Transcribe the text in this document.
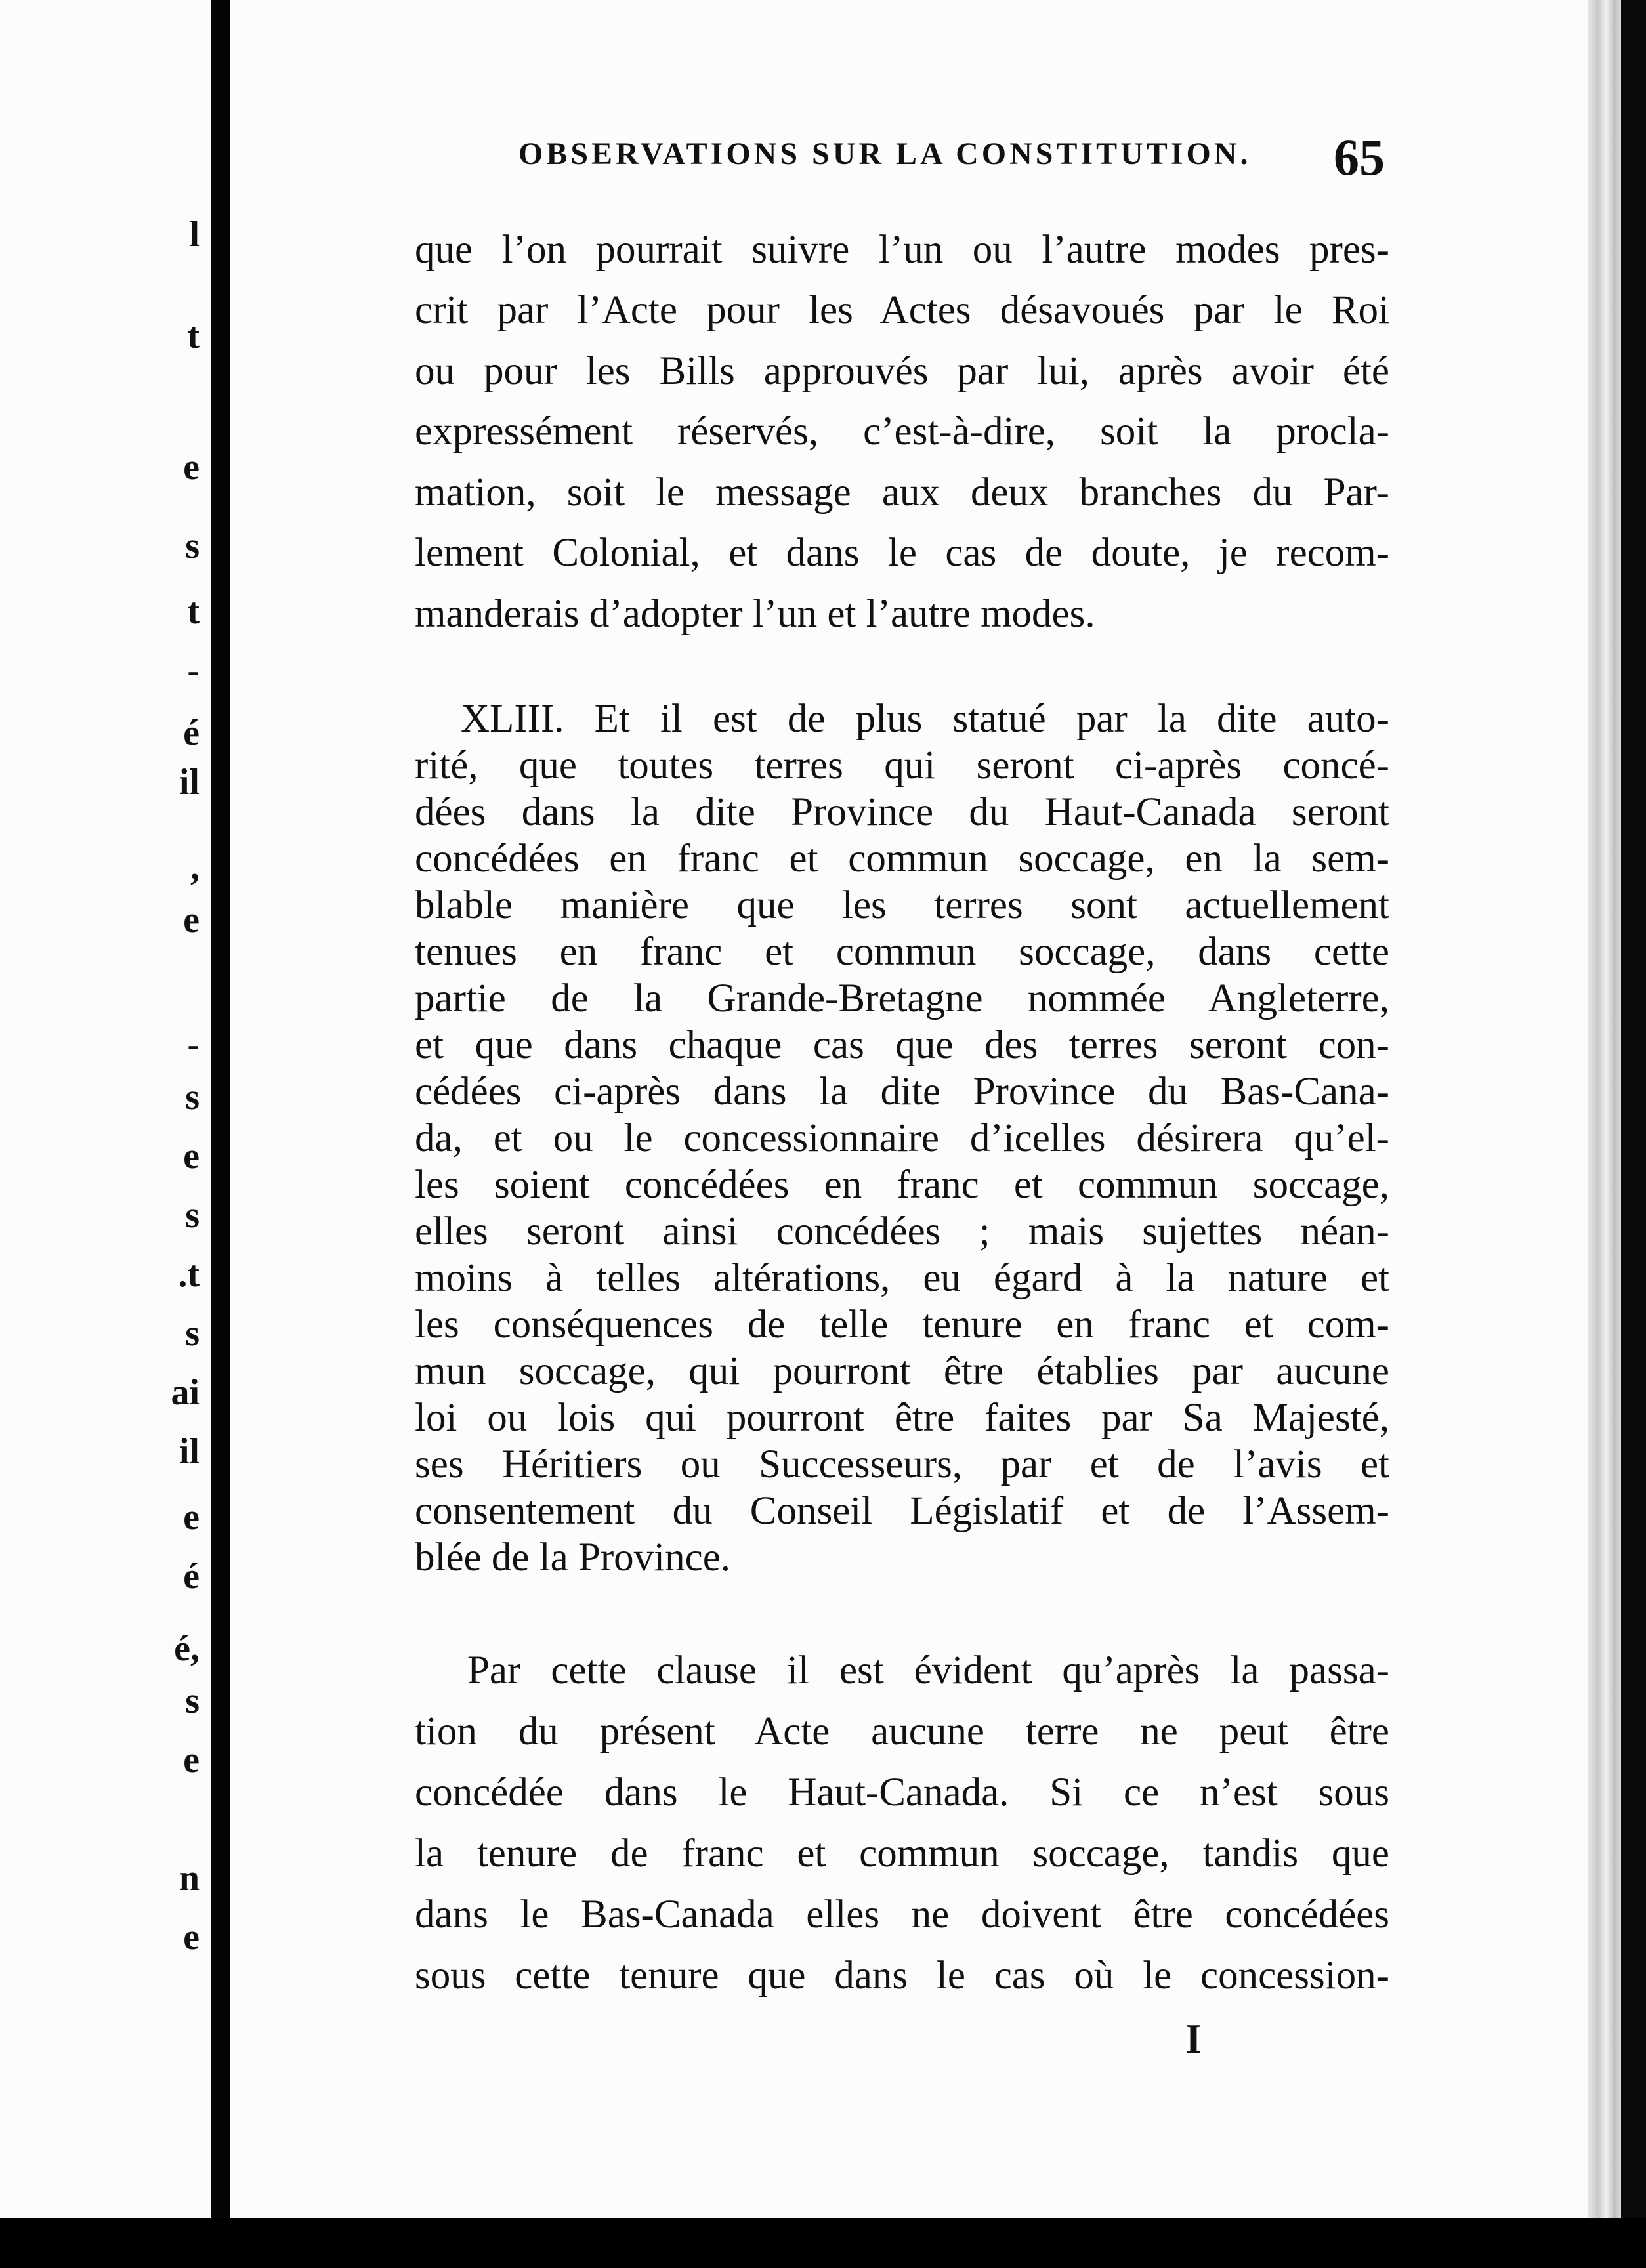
l
t
e
s
t
-
é
il
,
e
-
s
e
s
.t
s
ai
il
e
é
é,
s
e
n
e
OBSERVATIONS SUR LA CONSTITUTION. 65
que l’on pourrait suivre l’un ou l’autre modes pres-
crit par l’Acte pour les Actes désavoués par le Roi
ou pour les Bills approuvés par lui, après avoir été
expressément réservés, c’est-à-dire, soit la procla-
mation, soit le message aux deux branches du Par-
lement Colonial, et dans le cas de doute, je recom-
manderais d’adopter l’un et l’autre modes.
XLIII. Et il est de plus statué par la dite auto-
rité, que toutes terres qui seront ci-après concé-
dées dans la dite Province du Haut-Canada seront
concédées en franc et commun soccage, en la sem-
blable manière que les terres sont actuellement
tenues en franc et commun soccage, dans cette
partie de la Grande-Bretagne nommée Angleterre,
et que dans chaque cas que des terres seront con-
cédées ci-après dans la dite Province du Bas-Cana-
da, et ou le concessionnaire d’icelles désirera qu’el-
les soient concédées en franc et commun soccage,
elles seront ainsi concédées ; mais sujettes néan-
moins à telles altérations, eu égard à la nature et
les conséquences de telle tenure en franc et com-
mun soccage, qui pourront être établies par aucune
loi ou lois qui pourront être faites par Sa Majesté,
ses Héritiers ou Successeurs, par et de l’avis et
consentement du Conseil Législatif et de l’Assem-
blée de la Province.
Par cette clause il est évident qu’après la passa-
tion du présent Acte aucune terre ne peut être
concédée dans le Haut-Canada. Si ce n’est sous
la tenure de franc et commun soccage, tandis que
dans le Bas-Canada elles ne doivent être concédées
sous cette tenure que dans le cas où le concession-
I
